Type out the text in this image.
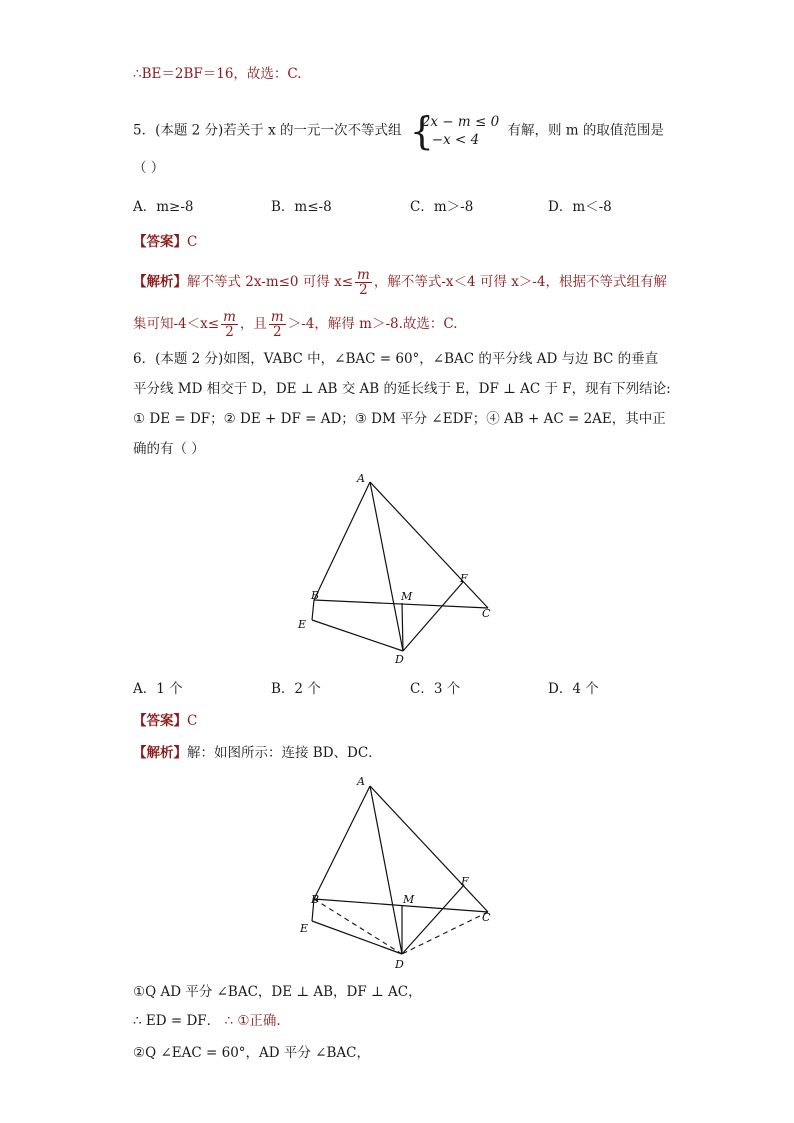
∴BE＝2BF＝16，故选：C.
5．(本题 2 分)若关于 x 的一元一次不等式组 {
2x − m ≤ 0
−x < 4
有解，则 m 的取值范围是
（ ）
A．m≥-8	B．m≤-8	C．m＞-8	D．m＜-8
【答案】C
【解析】解不等式 2x-m≤0 可得 $x\le \frac{m}{2}$ ，解不等式-x＜4 可得 x＞-4，根据不等式组有解
集可知$-4<x\le \frac{m}{2}$ ，且 $\frac{m}{2} >-4$，解得 m＞-8.故选：C.
6．(本题 2 分)如图，VABC 中，∠BAC = 60°，∠BAC 的平分线 AD 与边 BC 的垂直
平分线 MD 相交于 D，DE ⊥ AB 交 AB 的延长线于 E，DF ⊥ AC 于 F，现有下列结论:
① DE = DF；② DE + DF = AD；③ DM 平分 ∠EDF；④ AB + AC = 2AE，其中正
确的有（ ）
A
B
C
D
E
F
M
A．1 个	B．2 个	C．3 个	D．4 个
【答案】C
【解析】解：如图所示：连接 BD、DC．
A
B
C
D
E
F
M
①Q AD 平分 ∠BAC，DE ⊥ AB，DF ⊥ AC，
∴ ED = DF． ∴ ①正确.
②Q ∠EAC = 60°，AD 平分 ∠BAC，
